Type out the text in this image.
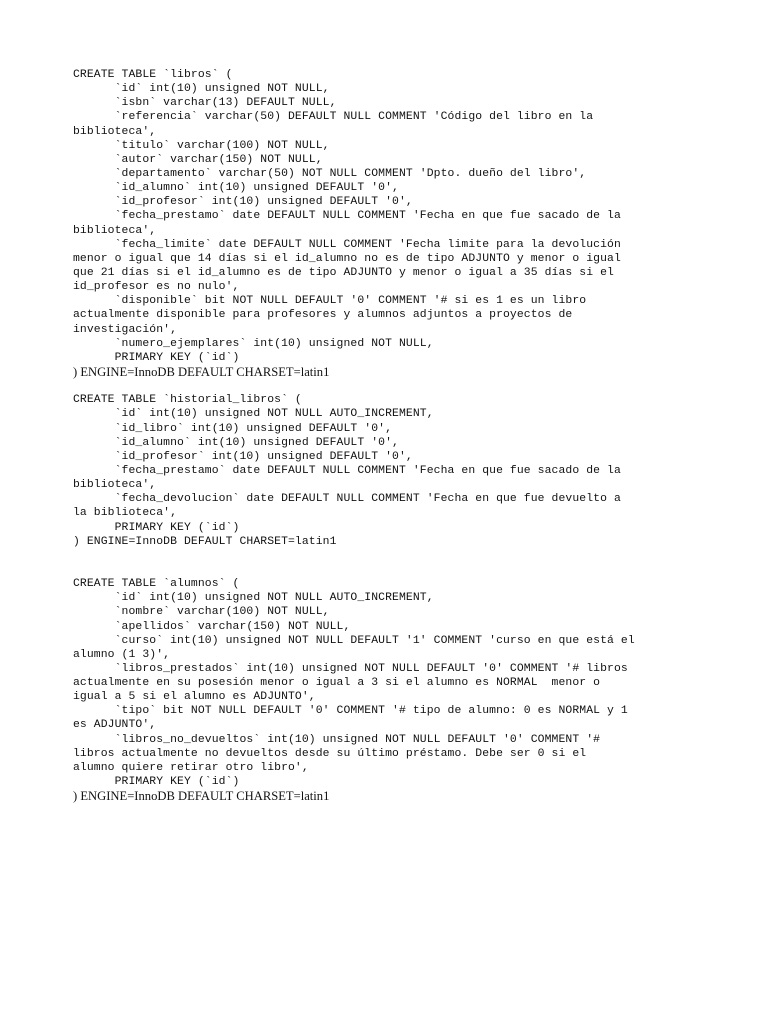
CREATE TABLE `libros` (
`id` int(10) unsigned NOT NULL,
`isbn` varchar(13) DEFAULT NULL,
`referencia` varchar(50) DEFAULT NULL COMMENT 'Código del libro en la
biblioteca',
`titulo` varchar(100) NOT NULL,
`autor` varchar(150) NOT NULL,
`departamento` varchar(50) NOT NULL COMMENT 'Dpto. dueño del libro',
`id_alumno` int(10) unsigned DEFAULT '0',
`id_profesor` int(10) unsigned DEFAULT '0',
`fecha_prestamo` date DEFAULT NULL COMMENT 'Fecha en que fue sacado de la
biblioteca',
`fecha_limite` date DEFAULT NULL COMMENT 'Fecha limite para la devolución
menor o igual que 14 días si el id_alumno no es de tipo ADJUNTO y menor o igual
que 21 días si el id_alumno es de tipo ADJUNTO y menor o igual a 35 días si el
id_profesor es no nulo',
`disponible` bit NOT NULL DEFAULT '0' COMMENT '# si es 1 es un libro
actualmente disponible para profesores y alumnos adjuntos a proyectos de
investigación',
`numero_ejemplares` int(10) unsigned NOT NULL,
PRIMARY KEY (`id`)
) ENGINE=InnoDB DEFAULT CHARSET=latin1
CREATE TABLE `historial_libros` (
`id` int(10) unsigned NOT NULL AUTO_INCREMENT,
`id_libro` int(10) unsigned DEFAULT '0',
`id_alumno` int(10) unsigned DEFAULT '0',
`id_profesor` int(10) unsigned DEFAULT '0',
`fecha_prestamo` date DEFAULT NULL COMMENT 'Fecha en que fue sacado de la
biblioteca',
`fecha_devolucion` date DEFAULT NULL COMMENT 'Fecha en que fue devuelto a
la biblioteca',
PRIMARY KEY (`id`)
) ENGINE=InnoDB DEFAULT CHARSET=latin1
CREATE TABLE `alumnos` (
`id` int(10) unsigned NOT NULL AUTO_INCREMENT,
`nombre` varchar(100) NOT NULL,
`apellidos` varchar(150) NOT NULL,
`curso` int(10) unsigned NOT NULL DEFAULT '1' COMMENT 'curso en que está el
alumno (1 3)',
`libros_prestados` int(10) unsigned NOT NULL DEFAULT '0' COMMENT '# libros
actualmente en su posesión menor o igual a 3 si el alumno es NORMAL  menor o
igual a 5 si el alumno es ADJUNTO',
`tipo` bit NOT NULL DEFAULT '0' COMMENT '# tipo de alumno: 0 es NORMAL y 1
es ADJUNTO',
`libros_no_devueltos` int(10) unsigned NOT NULL DEFAULT '0' COMMENT '#
libros actualmente no devueltos desde su último préstamo. Debe ser 0 si el
alumno quiere retirar otro libro',
PRIMARY KEY (`id`)
) ENGINE=InnoDB DEFAULT CHARSET=latin1
